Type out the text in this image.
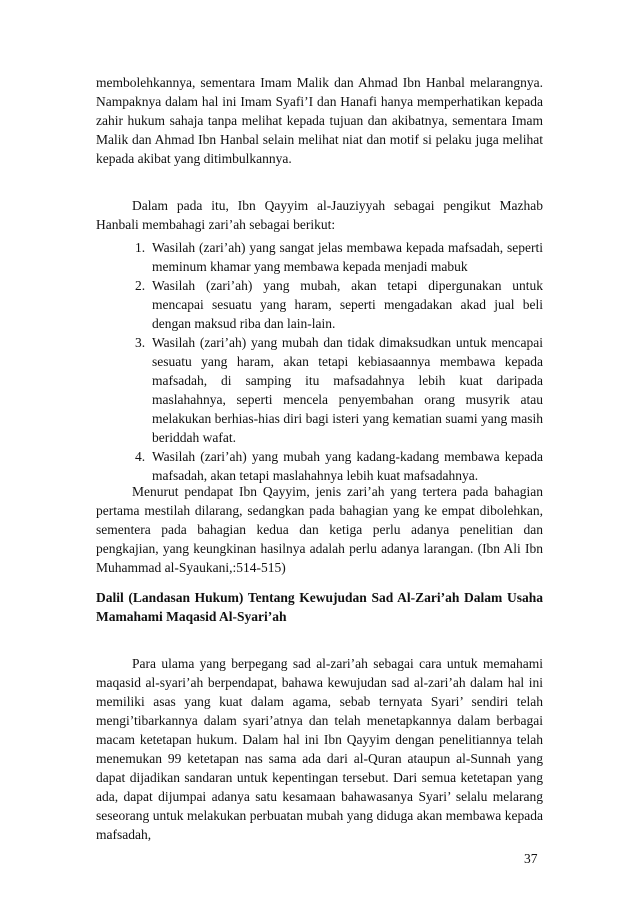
membolehkannya, sementara Imam Malik dan Ahmad Ibn Hanbal melarangnya. Nampaknya dalam hal ini Imam Syafi’I dan Hanafi hanya memperhatikan kepada zahir hukum sahaja tanpa melihat kepada tujuan dan akibatnya, sementara Imam Malik dan Ahmad Ibn Hanbal selain melihat niat dan motif si pelaku juga melihat kepada akibat yang ditimbulkannya.

Dalam pada itu, Ibn Qayyim al-Jauziyyah sebagai pengikut Mazhab Hanbali membahagi zari’ah sebagai berikut:

1. Wasilah (zari’ah) yang sangat jelas membawa kepada mafsadah, seperti meminum khamar yang membawa kepada menjadi mabuk
2. Wasilah (zari’ah) yang mubah, akan tetapi dipergunakan untuk mencapai sesuatu yang haram, seperti mengadakan akad jual beli dengan maksud riba dan lain-lain.
3. Wasilah (zari’ah) yang mubah dan tidak dimaksudkan untuk mencapai sesuatu yang haram, akan tetapi kebiasaannya membawa kepada mafsadah, di samping itu mafsadahnya lebih kuat daripada maslahahnya, seperti mencela penyembahan orang musyrik atau melakukan berhias-hias diri bagi isteri yang kematian suami yang masih beriddah wafat.
4. Wasilah (zari’ah) yang mubah yang kadang-kadang membawa kepada mafsadah, akan tetapi maslahahnya lebih kuat mafsadahnya.

Menurut pendapat Ibn Qayyim, jenis zari’ah yang tertera pada bahagian pertama mestilah dilarang, sedangkan pada bahagian yang ke empat dibolehkan, sementera pada bahagian kedua dan ketiga perlu adanya penelitian dan pengkajian, yang keungkinan hasilnya adalah perlu adanya larangan. (Ibn Ali Ibn Muhammad al-Syaukani,:514-515)

Dalil (Landasan Hukum) Tentang Kewujudan Sad Al-Zari’ah Dalam Usaha Mamahami Maqasid Al-Syari’ah

Para ulama yang berpegang sad al-zari’ah sebagai cara untuk memahami maqasid al-syari’ah berpendapat, bahawa kewujudan sad al-zari’ah dalam hal ini memiliki asas yang kuat dalam agama, sebab ternyata Syari’ sendiri telah mengi’tibarkannya dalam syari’atnya dan telah menetapkannya dalam berbagai macam ketetapan hukum. Dalam hal ini Ibn Qayyim dengan penelitiannya telah menemukan 99 ketetapan nas sama ada dari al-Quran ataupun al-Sunnah yang dapat dijadikan sandaran untuk kepentingan tersebut. Dari semua ketetapan yang ada, dapat dijumpai adanya satu kesamaan bahawasanya Syari’ selalu melarang seseorang untuk melakukan perbuatan mubah yang diduga akan membawa kepada mafsadah,

37
